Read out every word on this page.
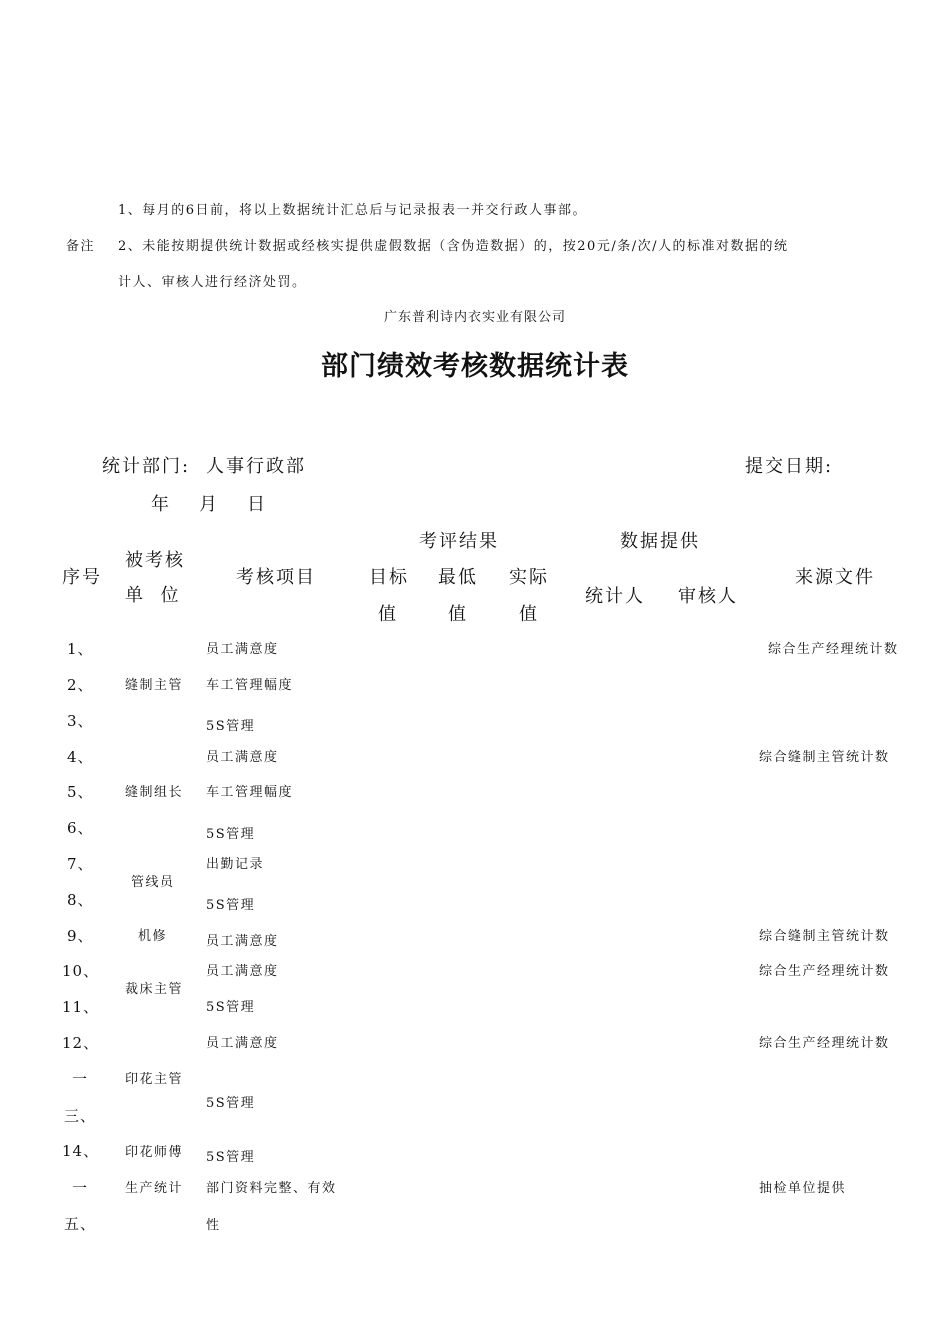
1、每月的6日前，将以上数据统计汇总后与记录报表一并交行政人事部。
备注 2、未能按期提供统计数据或经核实提供虚假数据（含伪造数据）的，按20元/条/次/人的标准对数据的统
计人、审核人进行经济处罚。
广东普利诗内衣实业有限公司
部门绩效考核数据统计表
统计部门: 人事行政部	提交日期:
年 月 日
序号
被考核
单  位
考核项目
考评结果
目标
值
最低
值
实际
值
数据提供
统计人 审核人
来源文件
1、
2、
3、
4、
5、
6、
7、
8、
9、
10、
11、
12、
一
三、
14、
一
五、
缝制主管
缝制组长
管线员
机修
裁床主管
印花主管
印花师傅
生产统计
员工满意度
车工管理幅度
5S管理
员工满意度
车工管理幅度
5S管理
出勤记录
5S管理
员工满意度
员工满意度
5S管理
员工满意度
5S管理
5S管理
部门资料完整、有效
性
综合生产经理统计数
综合缝制主管统计数
综合缝制主管统计数
综合生产经理统计数
综合生产经理统计数
抽检单位提供
